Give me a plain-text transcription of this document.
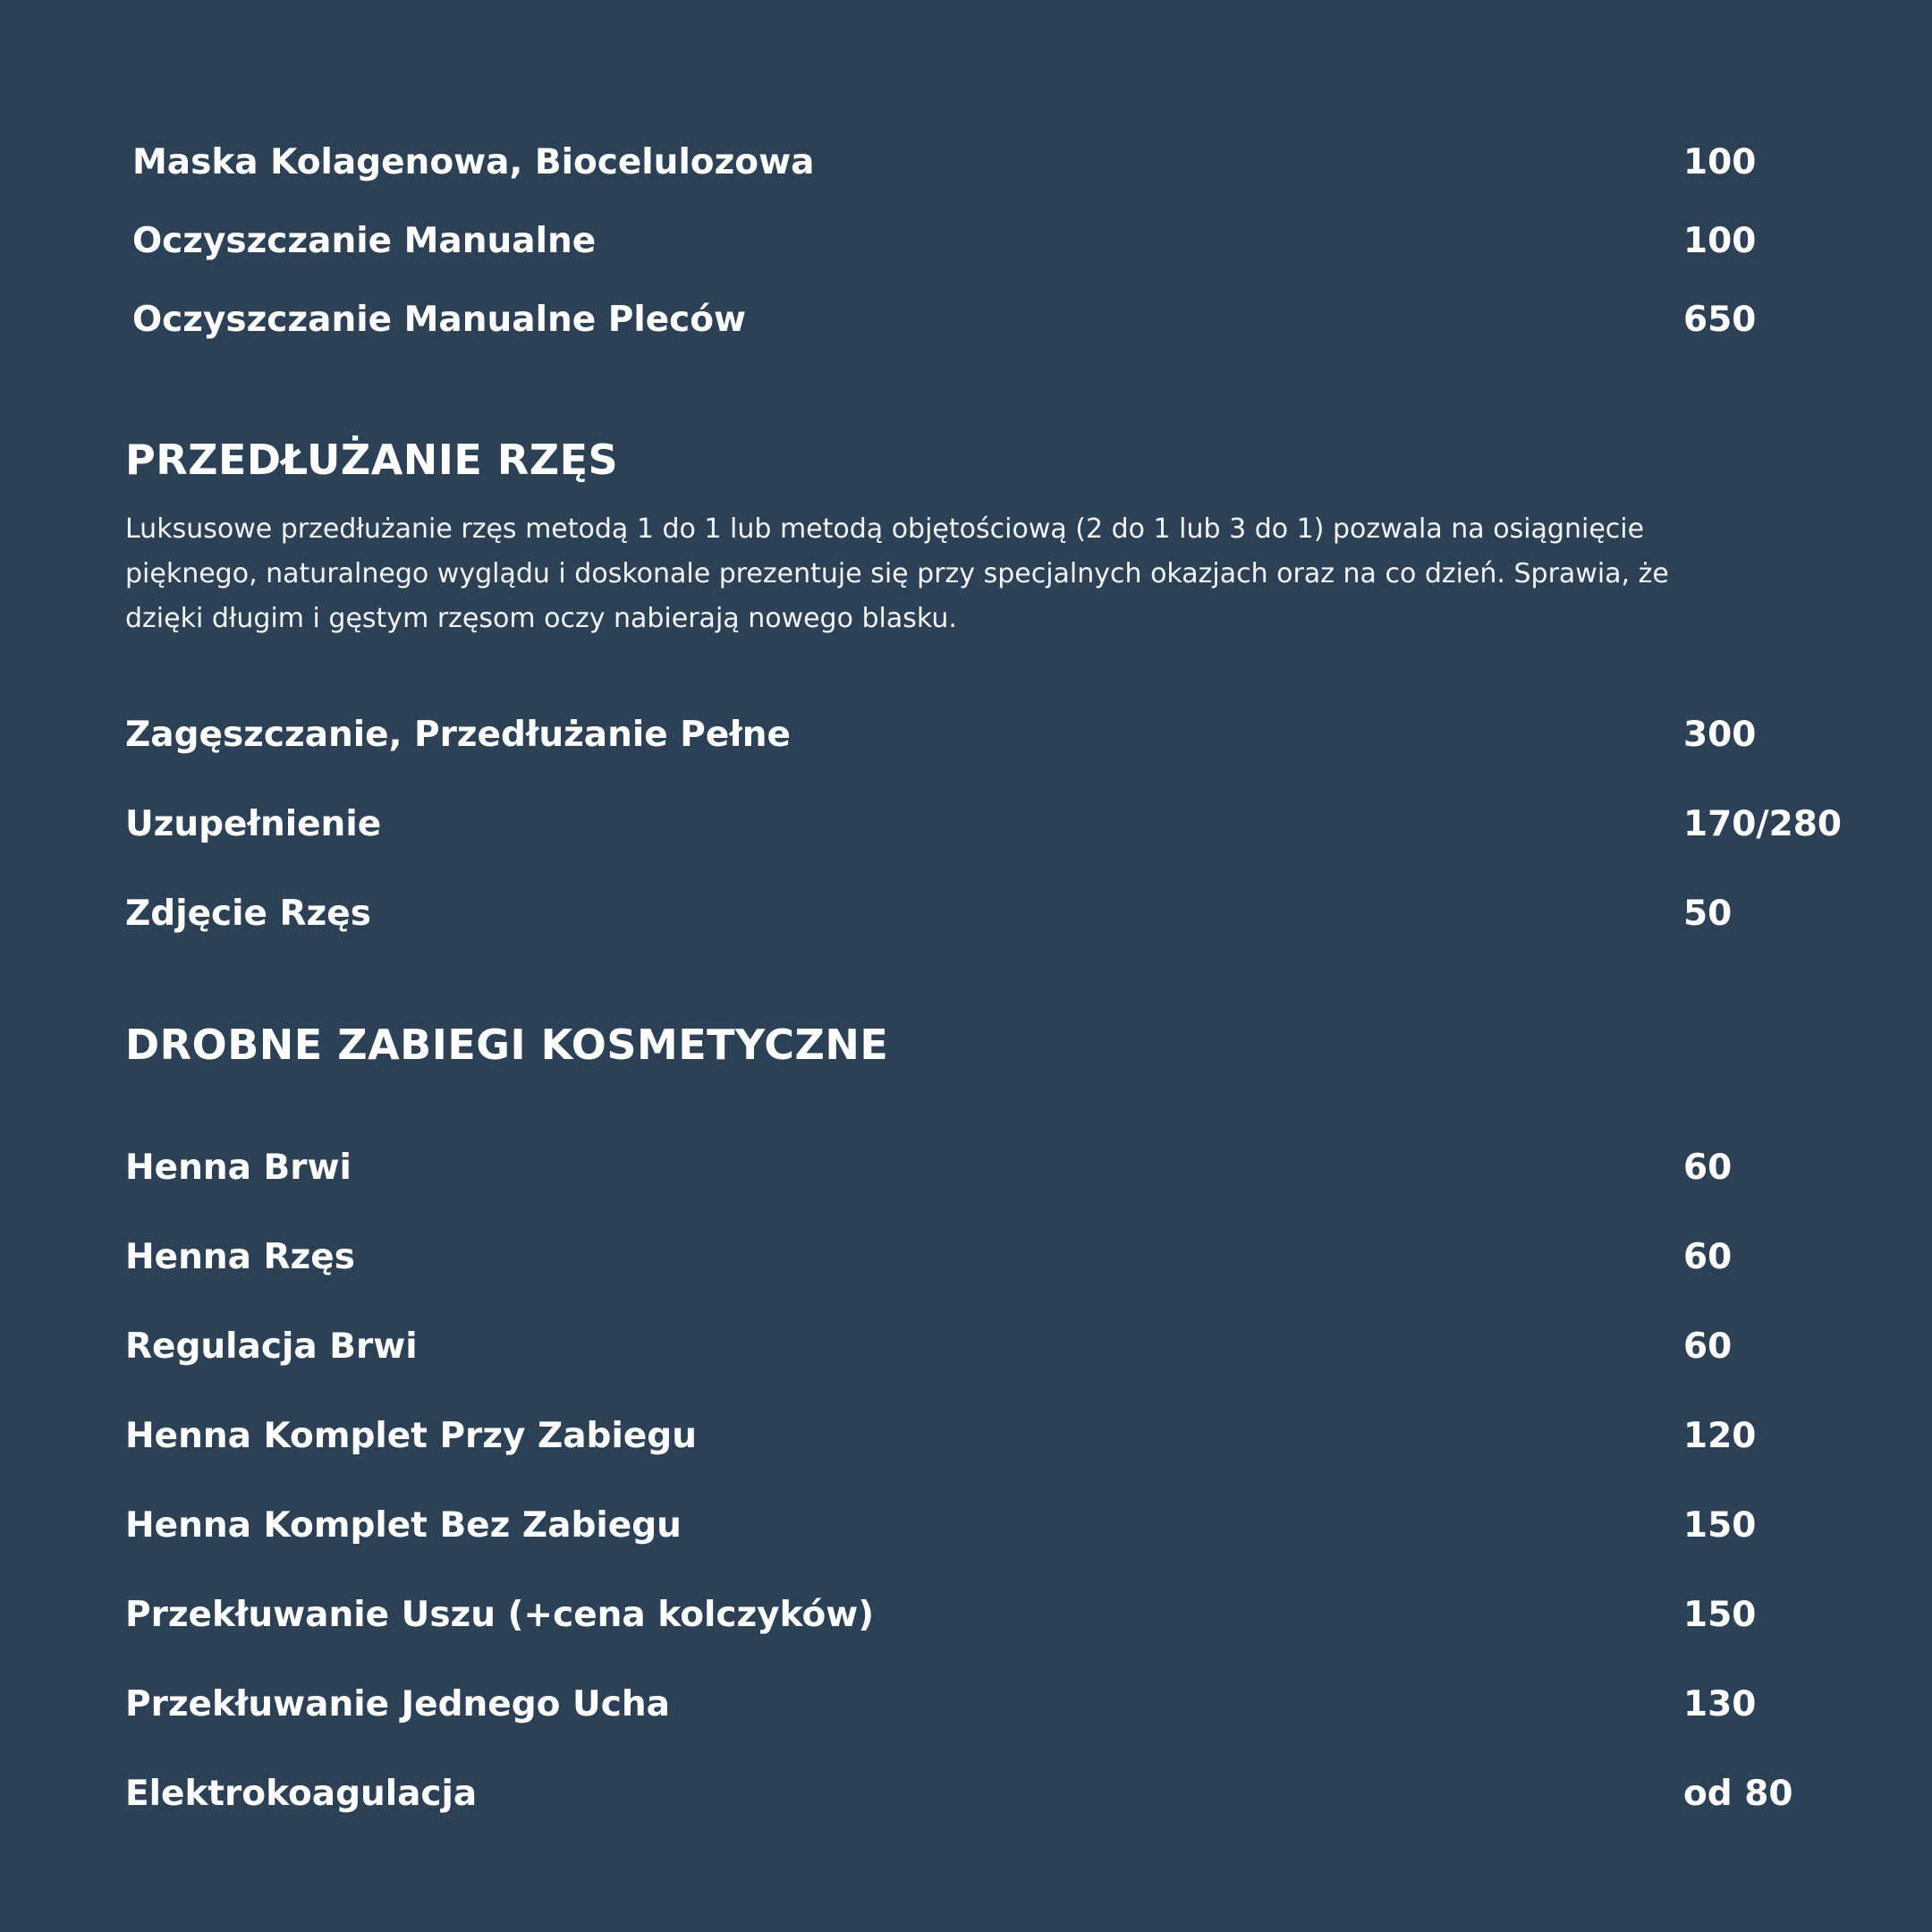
Maska Kolagenowa, Biocelulozowa	100
Oczyszczanie Manualne	100
Oczyszczanie Manualne Pleców	650
PRZEDŁUŻANIE RZĘS
Luksusowe przedłużanie rzęs metodą 1 do 1 lub metodą objętościową (2 do 1 lub 3 do 1) pozwala na osiągnięcie pięknego, naturalnego wyglądu i doskonale prezentuje się przy specjalnych okazjach oraz na co dzień. Sprawia, że dzięki długim i gęstym rzęsom oczy nabierają nowego blasku.
Zagęszczanie, Przedłużanie Pełne	300
Uzupełnienie	170/280
Zdjęcie Rzęs	50
DROBNE ZABIEGI KOSMETYCZNE
Henna Brwi	60
Henna Rzęs	60
Regulacja Brwi	60
Henna Komplet Przy Zabiegu	120
Henna Komplet Bez Zabiegu	150
Przekłuwanie Uszu (+cena kolczyków)	150
Przekłuwanie Jednego Ucha	130
Elektrokoagulacja	od 80
